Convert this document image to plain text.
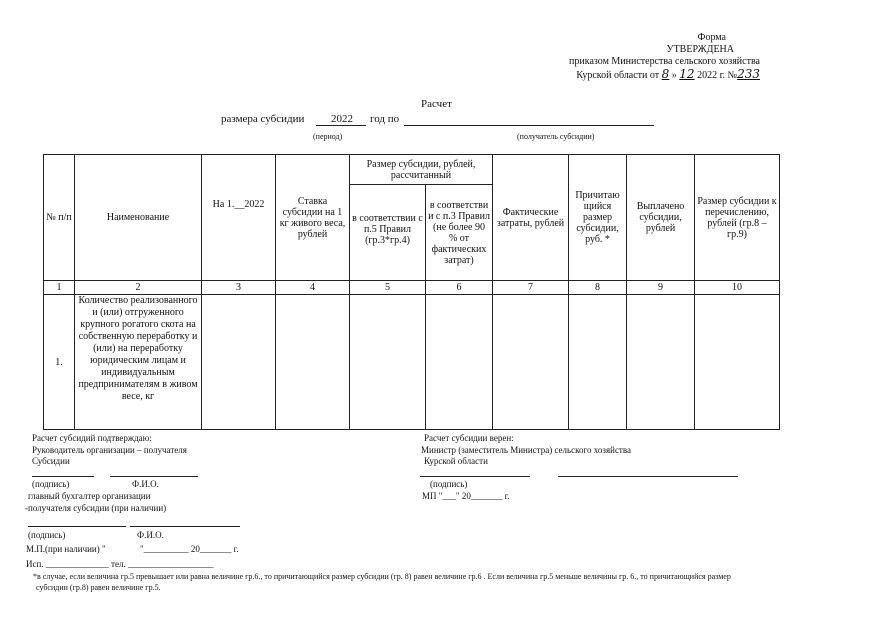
Форма
УТВЕРЖДЕНА
приказом Министерства сельского хозяйства
Курской области от 8 » 12 2022 г. №233
Расчет
размера субсидии 2022 год по
(период)	(получатель субсидии)
№ п/п	Наименование	На 1.__2022	Ставка субсидии на 1 кг живого веса, рублей	Размер субсидии, рублей, рассчитанный		Фактические затраты, рублей	Причитаю щийся размер субсидии, руб. *	Выплачено субсидии, рублей	Размер субсидии к перечислению, рублей (гр.8 – гр.9)
				в соответствии с п.5 Правил (гр.3*гр.4)	в соответстви и с п.3 Правил (не более 90 % от фактических затрат)				
1	2	3	4	5	6	7	8	9	10
1.	Количество реализованного и (или) отгруженного крупного рогатого скота на собственную переработку и (или) на переработку юридическим лицам и индивидуальным предпринимателям в живом весе, кг								
Расчет субсидий подтверждаю:
Руководитель организации – получателя
Субсидии
(подпись)	Ф.И.О.
главный бухгалтер организации
-получателя субсидии (при наличии)
(подпись)	Ф.И.О.
М.П.(при наличии) "	"__________ 20_______ г.
Исп. ______________ тел. ___________________
Расчет субсидии верен:
Министр (заместитель Министра) сельского хозяйства
Курской области
(подпись)
МП "___" 20_______ г.
*в случае, если величина гр.5 превышает или равна величине гр.6., то причитающийся размер субсидии (гр. 8) равен величине гр.6 . Если величина гр.5 меньше величины гр. 6., то причитающийся размер
субсидии (гр.8) равен величине гр.5.
